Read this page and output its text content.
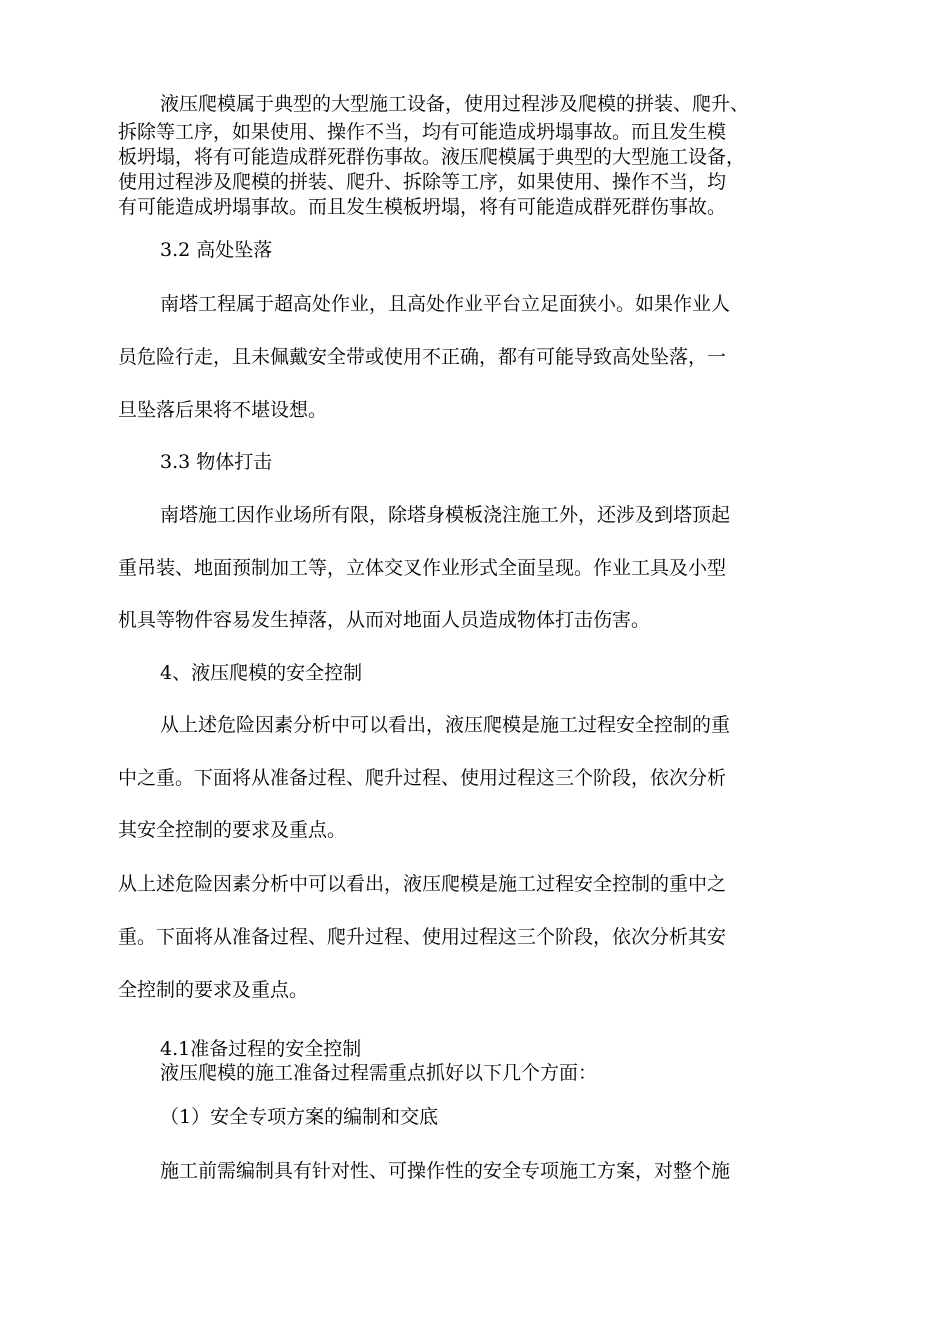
液压爬模属于典型的大型施工设备，使用过程涉及爬模的拼装、爬升、

拆除等工序，如果使用、操作不当，均有可能造成坍塌事故。而且发生模

板坍塌，将有可能造成群死群伤事故。液压爬模属于典型的大型施工设备，

使用过程涉及爬模的拼装、爬升、拆除等工序，如果使用、操作不当，均

有可能造成坍塌事故。而且发生模板坍塌，将有可能造成群死群伤事故。

3.2 高处坠落

南塔工程属于超高处作业，且高处作业平台立足面狭小。如果作业人

员危险行走，且未佩戴安全带或使用不正确，都有可能导致高处坠落，一

旦坠落后果将不堪设想。

3.3 物体打击

南塔施工因作业场所有限，除塔身模板浇注施工外，还涉及到塔顶起

重吊装、地面预制加工等，立体交叉作业形式全面呈现。作业工具及小型

机具等物件容易发生掉落，从而对地面人员造成物体打击伤害。

4、液压爬模的安全控制

从上述危险因素分析中可以看出，液压爬模是施工过程安全控制的重

中之重。下面将从准备过程、爬升过程、使用过程这三个阶段，依次分析

其安全控制的要求及重点。

从上述危险因素分析中可以看出，液压爬模是施工过程安全控制的重中之

重。下面将从准备过程、爬升过程、使用过程这三个阶段，依次分析其安

全控制的要求及重点。

4.1准备过程的安全控制

液压爬模的施工准备过程需重点抓好以下几个方面：

（1）安全专项方案的编制和交底

施工前需编制具有针对性、可操作性的安全专项施工方案，对整个施
